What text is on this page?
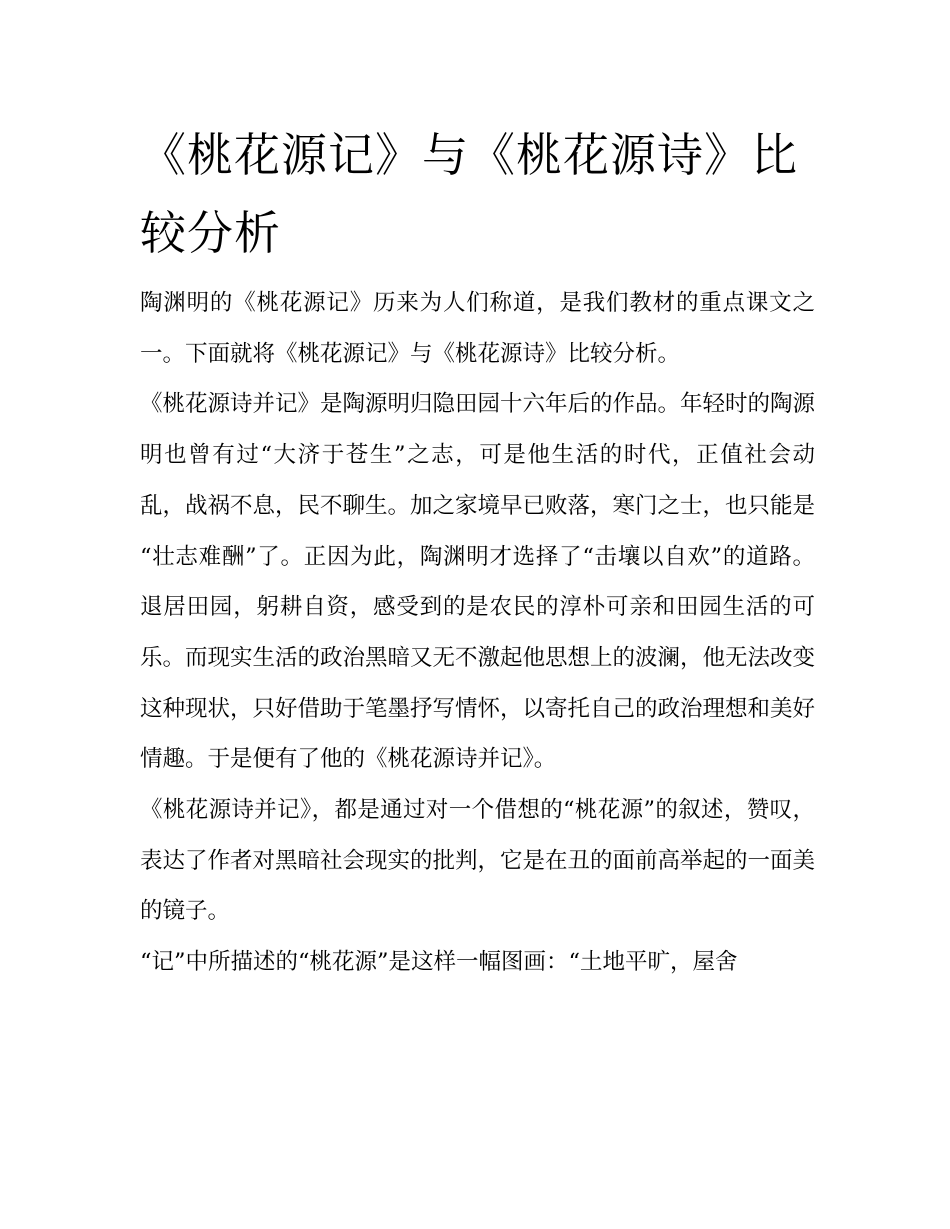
《桃花源记》与《桃花源诗》比较分析

陶渊明的《桃花源记》历来为人们称道，是我们教材的重点课文之一。下面就将《桃花源记》与《桃花源诗》比较分析。

《桃花源诗并记》是陶源明归隐田园十六年后的作品。年轻时的陶源明也曾有过“大济于苍生”之志，可是他生活的时代，正值社会动乱，战祸不息，民不聊生。加之家境早已败落，寒门之士，也只能是

“壮志难酬”了。正因为此，陶渊明才选择了“击壤以自欢”的道路。退居田园，躬耕自资，感受到的是农民的淳朴可亲和田园生活的可乐。而现实生活的政治黑暗又无不激起他思想上的波澜，他无法改变这种现状，只好借助于笔墨抒写情怀，以寄托自己的政治理想和美好情趣。于是便有了他的《桃花源诗并记》。

《桃花源诗并记》，都是通过对一个借想的“桃花源”的叙述，赞叹，表达了作者对黑暗社会现实的批判，它是在丑的面前高举起的一面美的镜子。

“记”中所描述的“桃花源”是这样一幅图画：“土地平旷，屋舍
